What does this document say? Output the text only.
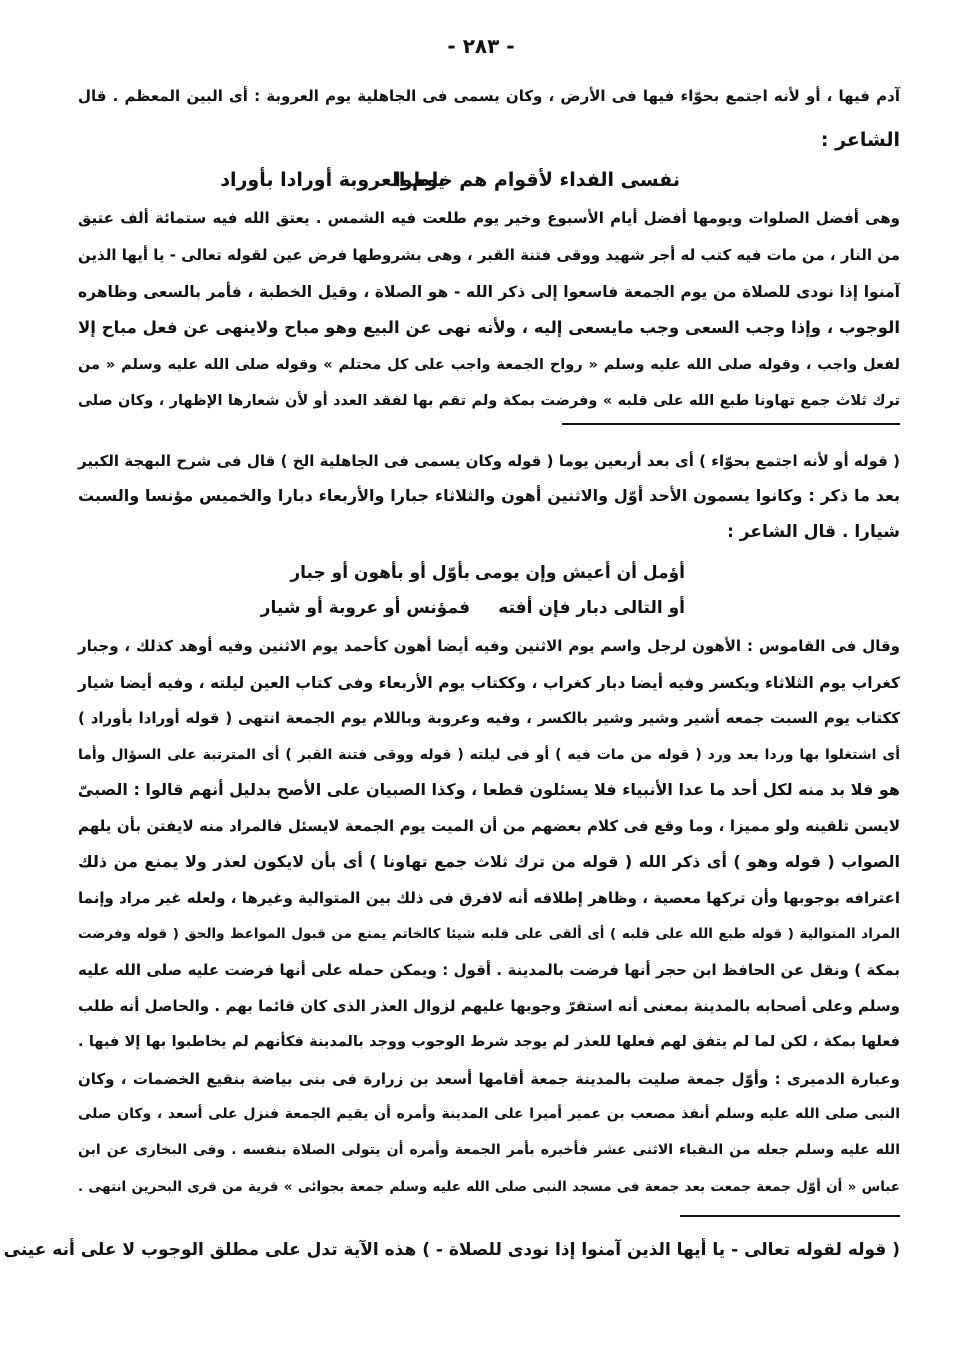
- ٢٨٣ -
آدم فيها ، أو لأنه اجتمع بحوّاء فيها فى الأرض ، وكان يسمى فى الجاهلية يوم العروبة : أى البين المعظم . قال
الشاعر :
نفسى الفداء لأقوام هم خلطوا
يوم العروبة أورادا بأوراد
وهى أفضل الصلوات ويومها أفضل أيام الأسبوع وخير يوم طلعت فيه الشمس . يعتق الله فيه ستمائة ألف عتيق
من النار ، من مات فيه كتب له أجر شهيد ووقى فتنة القبر ، وهى بشروطها فرض عين لقوله تعالى - يا أيها الذين
آمنوا إذا نودى للصلاة من يوم الجمعة فاسعوا إلى ذكر الله - هو الصلاة ، وقيل الخطبة ، فأمر بالسعى وظاهره
الوجوب ، وإذا وجب السعى وجب مايسعى إليه ، ولأنه نهى عن البيع وهو مباح ولاينهى عن فعل مباح إلا
لفعل واجب ، وقوله صلى الله عليه وسلم « رواح الجمعة واجب على كل محتلم » وقوله صلى الله عليه وسلم « من
ترك ثلاث جمع تهاونا طبع الله على قلبه » وفرضت بمكة ولم تقم بها لفقد العدد أو لأن شعارها الإظهار ، وكان صلى
( قوله أو لأنه اجتمع بحوّاء ) أى بعد أربعين يوما ( قوله وكان يسمى فى الجاهلية الخ ) قال فى شرح البهجة الكبير
بعد ما ذكر : وكانوا يسمون الأحد أوّل والاثنين أهون والثلاثاء جبارا والأربعاء دبارا والخميس مؤنسا والسبت
شيارا . قال الشاعر :
أؤمل أن أعيش وإن يومى
بأوّل أو بأهون أو جبار
أو التالى دبار فإن أفته
فمؤنس أو عروبة أو شيار
وقال فى القاموس : الأهون لرجل واسم يوم الاثنين وفيه أيضا أهون كأحمد يوم الاثنين وفيه أوهد كذلك ، وجبار
كغراب يوم الثلاثاء ويكسر وفيه أيضا دبار كغراب ، وككتاب يوم الأربعاء وفى كتاب العين ليلته ، وفيه أيضا شيار
ككتاب يوم السبت جمعه أشير وشير وشير بالكسر ، وفيه وعروبة وباللام يوم الجمعة انتهى ( قوله أورادا بأوراد )
أى اشتغلوا بها وردا بعد ورد ( قوله من مات فيه ) أو فى ليلته ( قوله ووقى فتنة القبر ) أى المترتبة على السؤال وأما
هو فلا بد منه لكل أحد ما عدا الأنبياء فلا يسئلون قطعا ، وكذا الصبيان على الأصح بدليل أنهم قالوا : الصبىّ
لايسن تلقينه ولو مميزا ، وما وقع فى كلام بعضهم من أن الميت يوم الجمعة لايسئل فالمراد منه لايفتن بأن يلهم
الصواب ( قوله وهو ) أى ذكر الله ( قوله من ترك ثلاث جمع تهاونا ) أى بأن لايكون لعذر ولا يمنع من ذلك
اعترافه بوجوبها وأن تركها معصية ، وظاهر إطلاقه أنه لافرق فى ذلك بين المتوالية وغيرها ، ولعله غير مراد وإنما
المراد المتوالية ( قوله طبع الله على قلبه ) أى ألقى على قلبه شيئا كالخاتم يمنع من قبول المواعظ والحق ( قوله وفرضت
بمكة ) ونقل عن الحافظ ابن حجر أنها فرضت بالمدينة . أقول : ويمكن حمله على أنها فرضت عليه صلى الله عليه
وسلم وعلى أصحابه بالمدينة بمعنى أنه استقرّ وجوبها عليهم لزوال العذر الذى كان قائما بهم . والحاصل أنه طلب
فعلها بمكة ، لكن لما لم يتفق لهم فعلها للعذر لم يوجد شرط الوجوب ووجد بالمدينة فكأنهم لم يخاطبوا بها إلا فيها .
وعبارة الدميرى : وأوّل جمعة صليت بالمدينة جمعة أقامها أسعد بن زرارة فى بنى بياضة بنقيع الخضمات ، وكان
النبى صلى الله عليه وسلم أنفذ مصعب بن عمير أميرا على المدينة وأمره أن يقيم الجمعة فنزل على أسعد ، وكان صلى
الله عليه وسلم جعله من النقباء الاثنى عشر فأخبره بأمر الجمعة وأمره أن يتولى الصلاة بنفسه . وفى البخارى عن ابن
عباس « أن أوّل جمعة جمعت بعد جمعة فى مسجد النبى صلى الله عليه وسلم جمعة بجوائى » قرية من قرى البحرين انتهى .
( قوله لقوله تعالى - يا أيها الذين آمنوا إذا نودى للصلاة - ) هذه الآية تدل على مطلق الوجوب لا على أنه عينى
